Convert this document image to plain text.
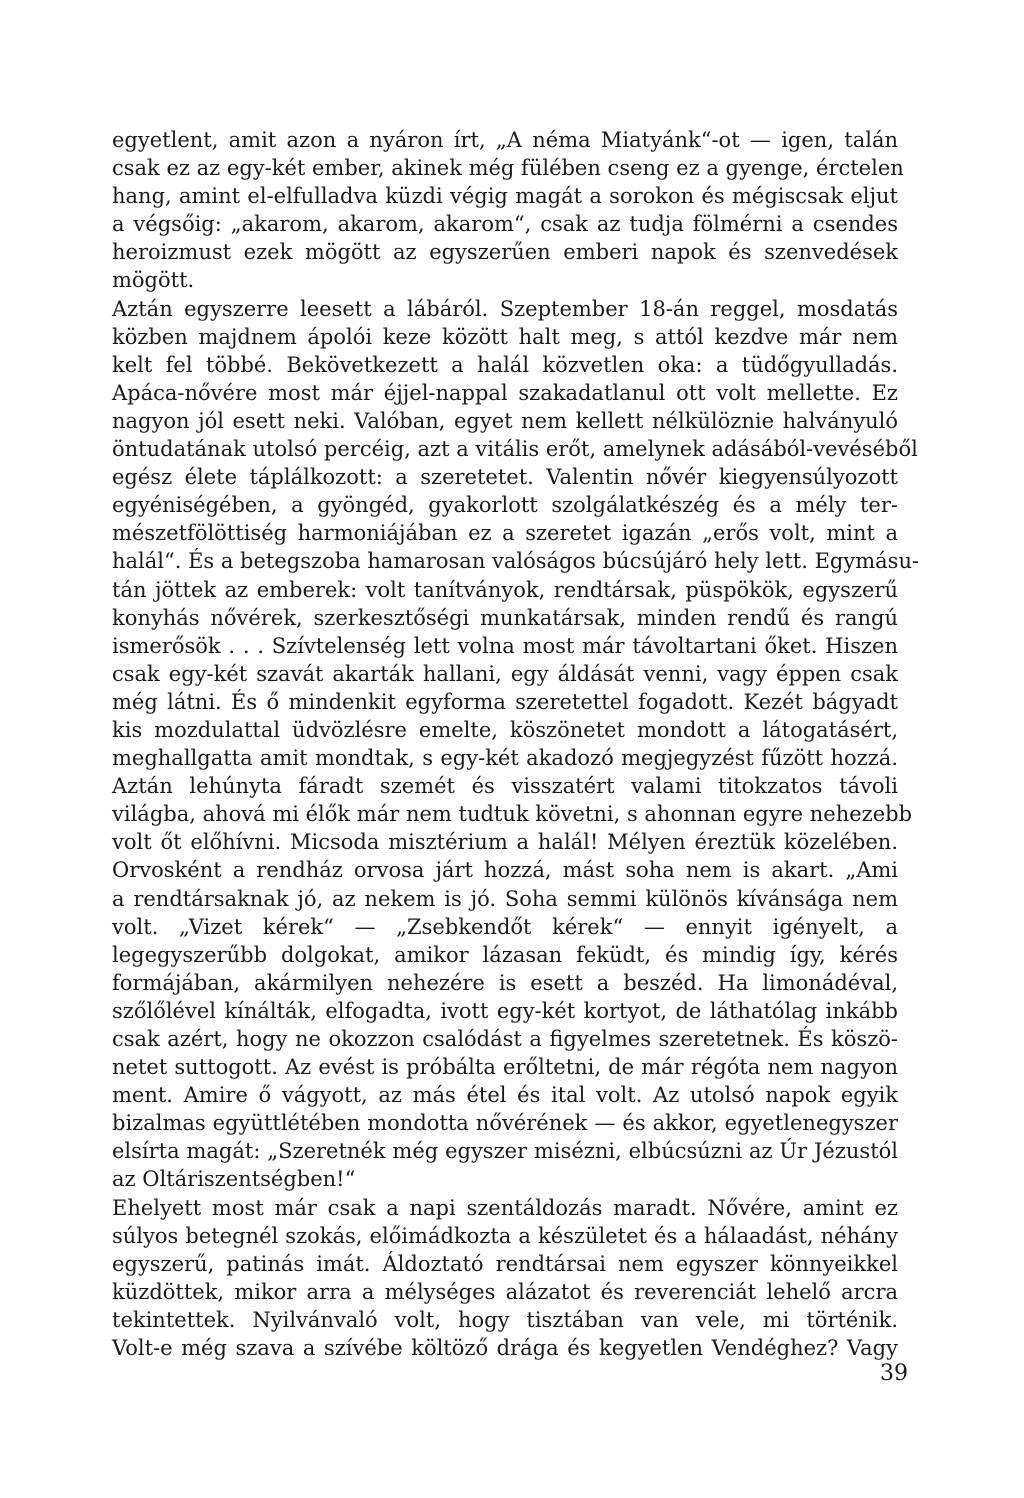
egyetlent, amit azon a nyáron írt, „A néma Miatyánk“-ot — igen, talán
csak ez az egy-két ember, akinek még fülében cseng ez a gyenge, érctelen
hang, amint el-elfulladva küzdi végig magát a sorokon és mégiscsak eljut
a végsőig: „akarom, akarom, akarom“, csak az tudja fölmérni a csendes
heroizmust ezek mögött az egyszerűen emberi napok és szenvedések
mögött.
Aztán egyszerre leesett a lábáról. Szeptember 18-án reggel, mosdatás
közben majdnem ápolói keze között halt meg, s attól kezdve már nem
kelt fel többé. Bekövetkezett a halál közvetlen oka: a tüdőgyulladás.
Apáca-nővére most már éjjel-nappal szakadatlanul ott volt mellette. Ez
nagyon jól esett neki. Valóban, egyet nem kellett nélkülöznie halványuló
öntudatának utolsó percéig, azt a vitális erőt, amelynek adásából-vevéséből
egész élete táplálkozott: a szeretetet. Valentin nővér kiegyensúlyozott
egyéniségében, a gyöngéd, gyakorlott szolgálatkészég és a mély ter-
mészetfölöttiség harmoniájában ez a szeretet igazán „erős volt, mint a
halál“. És a betegszoba hamarosan valóságos búcsújáró hely lett. Egymásu-
tán jöttek az emberek: volt tanítványok, rendtársak, püspökök, egyszerű
konyhás nővérek, szerkesztőségi munkatársak, minden rendű és rangú
ismerősök . . . Szívtelenség lett volna most már távoltartani őket. Hiszen
csak egy-két szavát akarták hallani, egy áldását venni, vagy éppen csak
még látni. És ő mindenkit egyforma szeretettel fogadott. Kezét bágyadt
kis mozdulattal üdvözlésre emelte, köszönetet mondott a látogatásért,
meghallgatta amit mondtak, s egy-két akadozó megjegyzést fűzött hozzá.
Aztán lehúnyta fáradt szemét és visszatért valami titokzatos távoli
világba, ahová mi élők már nem tudtuk követni, s ahonnan egyre nehezebb
volt őt előhívni. Micsoda misztérium a halál! Mélyen éreztük közelében.
Orvosként a rendház orvosa járt hozzá, mást soha nem is akart. „Ami
a rendtársaknak jó, az nekem is jó. Soha semmi különös kívánsága nem
volt. „Vizet kérek“ — „Zsebkendőt kérek“ — ennyit igényelt, a
legegyszerűbb dolgokat, amikor lázasan feküdt, és mindig így, kérés
formájában, akármilyen nehezére is esett a beszéd. Ha limonádéval,
szőlőlével kínálták, elfogadta, ivott egy-két kortyot, de láthatólag inkább
csak azért, hogy ne okozzon csalódást a figyelmes szeretetnek. És köszö-
netet suttogott. Az evést is próbálta erőltetni, de már régóta nem nagyon
ment. Amire ő vágyott, az más étel és ital volt. Az utolsó napok egyik
bizalmas együttlétében mondotta nővérének — és akkor, egyetlenegyszer
elsírta magát: „Szeretnék még egyszer misézni, elbúcsúzni az Úr Jézustól
az Oltáriszentségben!“
Ehelyett most már csak a napi szentáldozás maradt. Nővére, amint ez
súlyos betegnél szokás, előimádkozta a készületet és a hálaadást, néhány
egyszerű, patinás imát. Áldoztató rendtársai nem egyszer könnyeikkel
küzdöttek, mikor arra a mélységes alázatot és reverenciát lehelő arcra
tekintettek. Nyilvánvaló volt, hogy tisztában van vele, mi történik.
Volt-e még szava a szívébe költöző drága és kegyetlen Vendéghez? Vagy
39
